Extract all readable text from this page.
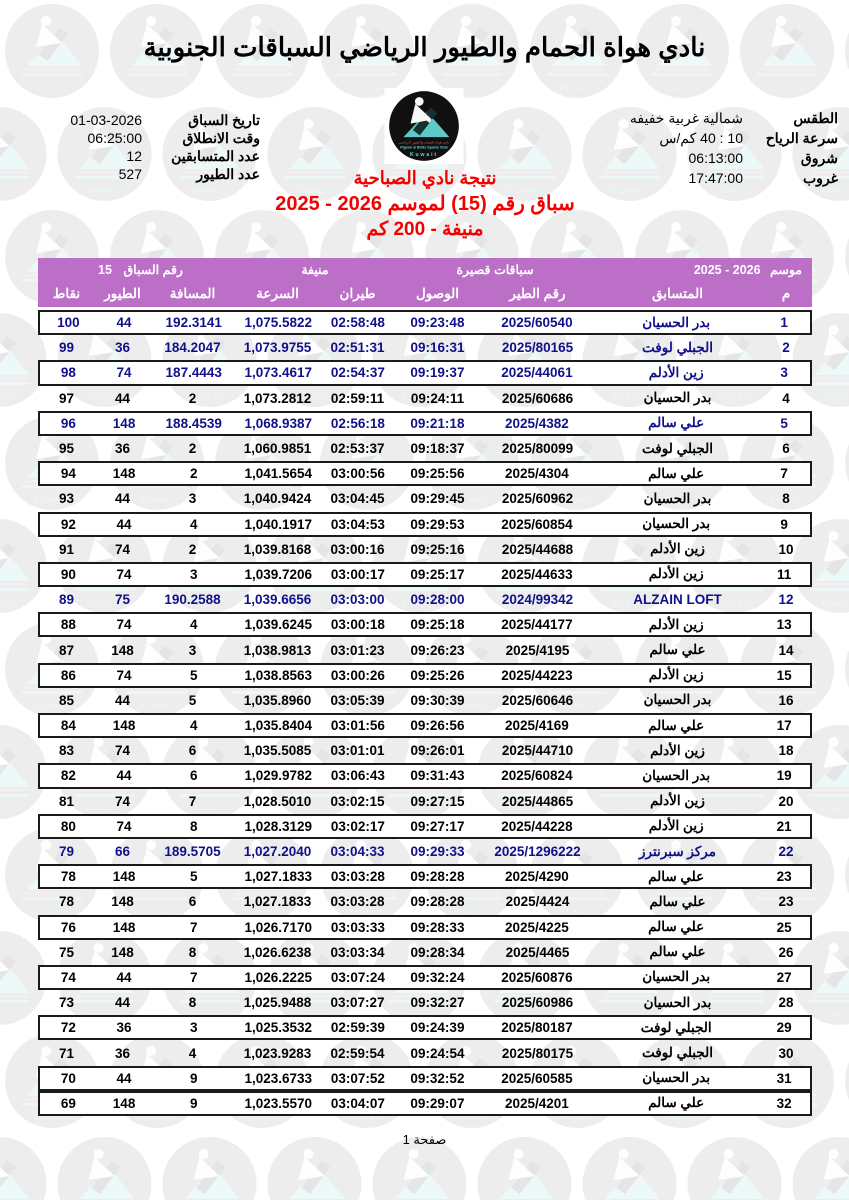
نادي هواة الحمام والطيور الرياضي السباقات الجنوبية
تاريخ السباق
01-03-2026
وقت الانطلاق
06:25:00
عدد المتسابقين
12
عدد الطيور
527
الطقس
شمالية غربية خفيفه
سرعة الرياح
10 : 40 كم/س
شروق
06:13:00
غروب
17:47:00
نادي هواة الحمام والطيور الرياضي
Pigeon & Birds Sports Club
Kuwait
نتيجة نادي الصباحية
سباق رقم (15) لموسم 2025 - 2026
منيفة - 200 كم
موسم 2025 - 2026
سباقات قصيرة
منيفة
رقم السباق 15
م
المتسابق
رقم الطير
الوصول
طيران
السرعة
المسافة
الطيور
نقاط
1
بدر الحسيان
2025/60540
09:23:48
02:58:48
1,075.5822
192.3141
44
100
2
الجبلي لوفت
2025/80165
09:16:31
02:51:31
1,073.9755
184.2047
36
99
3
زين الأدلم
2025/44061
09:19:37
02:54:37
1,073.4617
187.4443
74
98
4
بدر الحسيان
2025/60686
09:24:11
02:59:11
1,073.2812
2
44
97
5
علي سالم
2025/4382
09:21:18
02:56:18
1,068.9387
188.4539
148
96
6
الجبلي لوفت
2025/80099
09:18:37
02:53:37
1,060.9851
2
36
95
7
علي سالم
2025/4304
09:25:56
03:00:56
1,041.5654
2
148
94
8
بدر الحسيان
2025/60962
09:29:45
03:04:45
1,040.9424
3
44
93
9
بدر الحسيان
2025/60854
09:29:53
03:04:53
1,040.1917
4
44
92
10
زين الأدلم
2025/44688
09:25:16
03:00:16
1,039.8168
2
74
91
11
زين الأدلم
2025/44633
09:25:17
03:00:17
1,039.7206
3
74
90
12
ALZAIN LOFT
2024/99342
09:28:00
03:03:00
1,039.6656
190.2588
75
89
13
زين الأدلم
2025/44177
09:25:18
03:00:18
1,039.6245
4
74
88
14
علي سالم
2025/4195
09:26:23
03:01:23
1,038.9813
3
148
87
15
زين الأدلم
2025/44223
09:25:26
03:00:26
1,038.8563
5
74
86
16
بدر الحسيان
2025/60646
09:30:39
03:05:39
1,035.8960
5
44
85
17
علي سالم
2025/4169
09:26:56
03:01:56
1,035.8404
4
148
84
18
زين الأدلم
2025/44710
09:26:01
03:01:01
1,035.5085
6
74
83
19
بدر الحسيان
2025/60824
09:31:43
03:06:43
1,029.9782
6
44
82
20
زين الأدلم
2025/44865
09:27:15
03:02:15
1,028.5010
7
74
81
21
زين الأدلم
2025/44228
09:27:17
03:02:17
1,028.3129
8
74
80
22
مركز سبرنترز
2025/1296222
09:29:33
03:04:33
1,027.2040
189.5705
66
79
23
علي سالم
2025/4290
09:28:28
03:03:28
1,027.1833
5
148
78
23
علي سالم
2025/4424
09:28:28
03:03:28
1,027.1833
6
148
78
25
علي سالم
2025/4225
09:28:33
03:03:33
1,026.7170
7
148
76
26
علي سالم
2025/4465
09:28:34
03:03:34
1,026.6238
8
148
75
27
بدر الحسيان
2025/60876
09:32:24
03:07:24
1,026.2225
7
44
74
28
بدر الحسيان
2025/60986
09:32:27
03:07:27
1,025.9488
8
44
73
29
الجبلي لوفت
2025/80187
09:24:39
02:59:39
1,025.3532
3
36
72
30
الجبلي لوفت
2025/80175
09:24:54
02:59:54
1,023.9283
4
36
71
31
بدر الحسيان
2025/60585
09:32:52
03:07:52
1,023.6733
9
44
70
32
علي سالم
2025/4201
09:29:07
03:04:07
1,023.5570
9
148
69
صفحة 1
